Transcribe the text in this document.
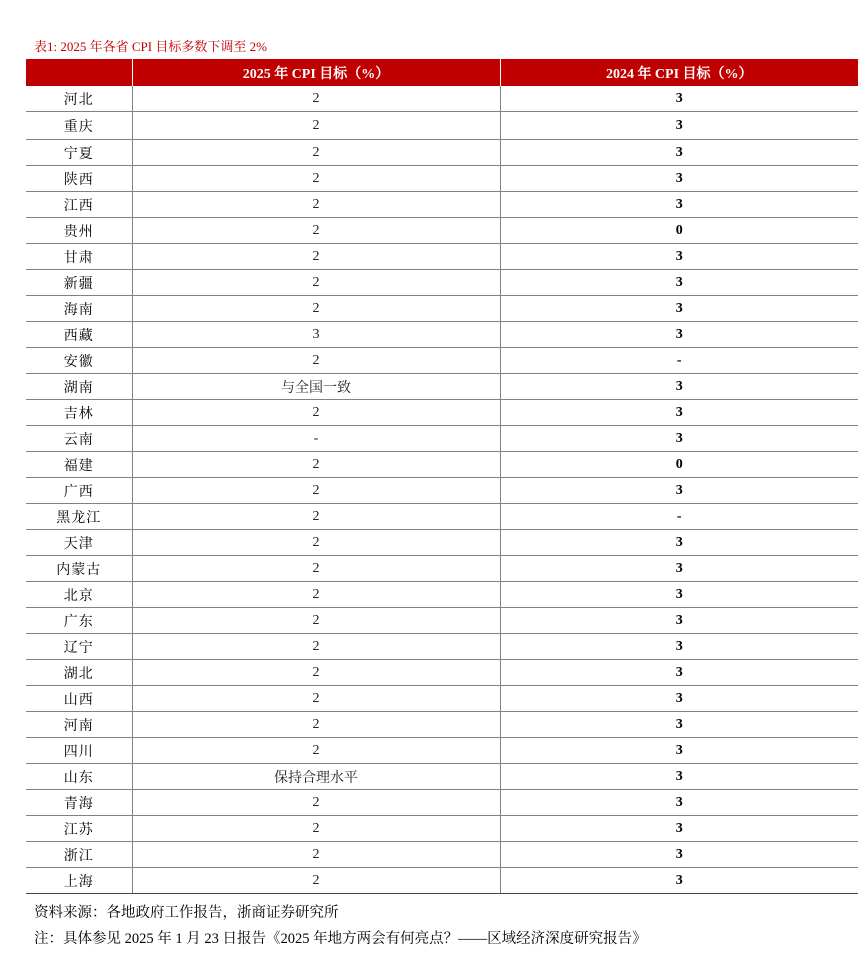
表1: 2025 年各省 CPI 目标多数下调至 2%
	2025 年 CPI 目标（%）	2024 年 CPI 目标（%）
河北	2	3
重庆	2	3
宁夏	2	3
陕西	2	3
江西	2	3
贵州	2	0
甘肃	2	3
新疆	2	3
海南	2	3
西藏	3	3
安徽	2	-
湖南	与全国一致	3
吉林	2	3
云南	-	3
福建	2	0
广西	2	3
黑龙江	2	-
天津	2	3
内蒙古	2	3
北京	2	3
广东	2	3
辽宁	2	3
湖北	2	3
山西	2	3
河南	2	3
四川	2	3
山东	保持合理水平	3
青海	2	3
江苏	2	3
浙江	2	3
上海	2	3
资料来源：各地政府工作报告，浙商证券研究所
注：具体参见 2025 年 1 月 23 日报告《2025 年地方两会有何亮点？——区域经济深度研究报告》
